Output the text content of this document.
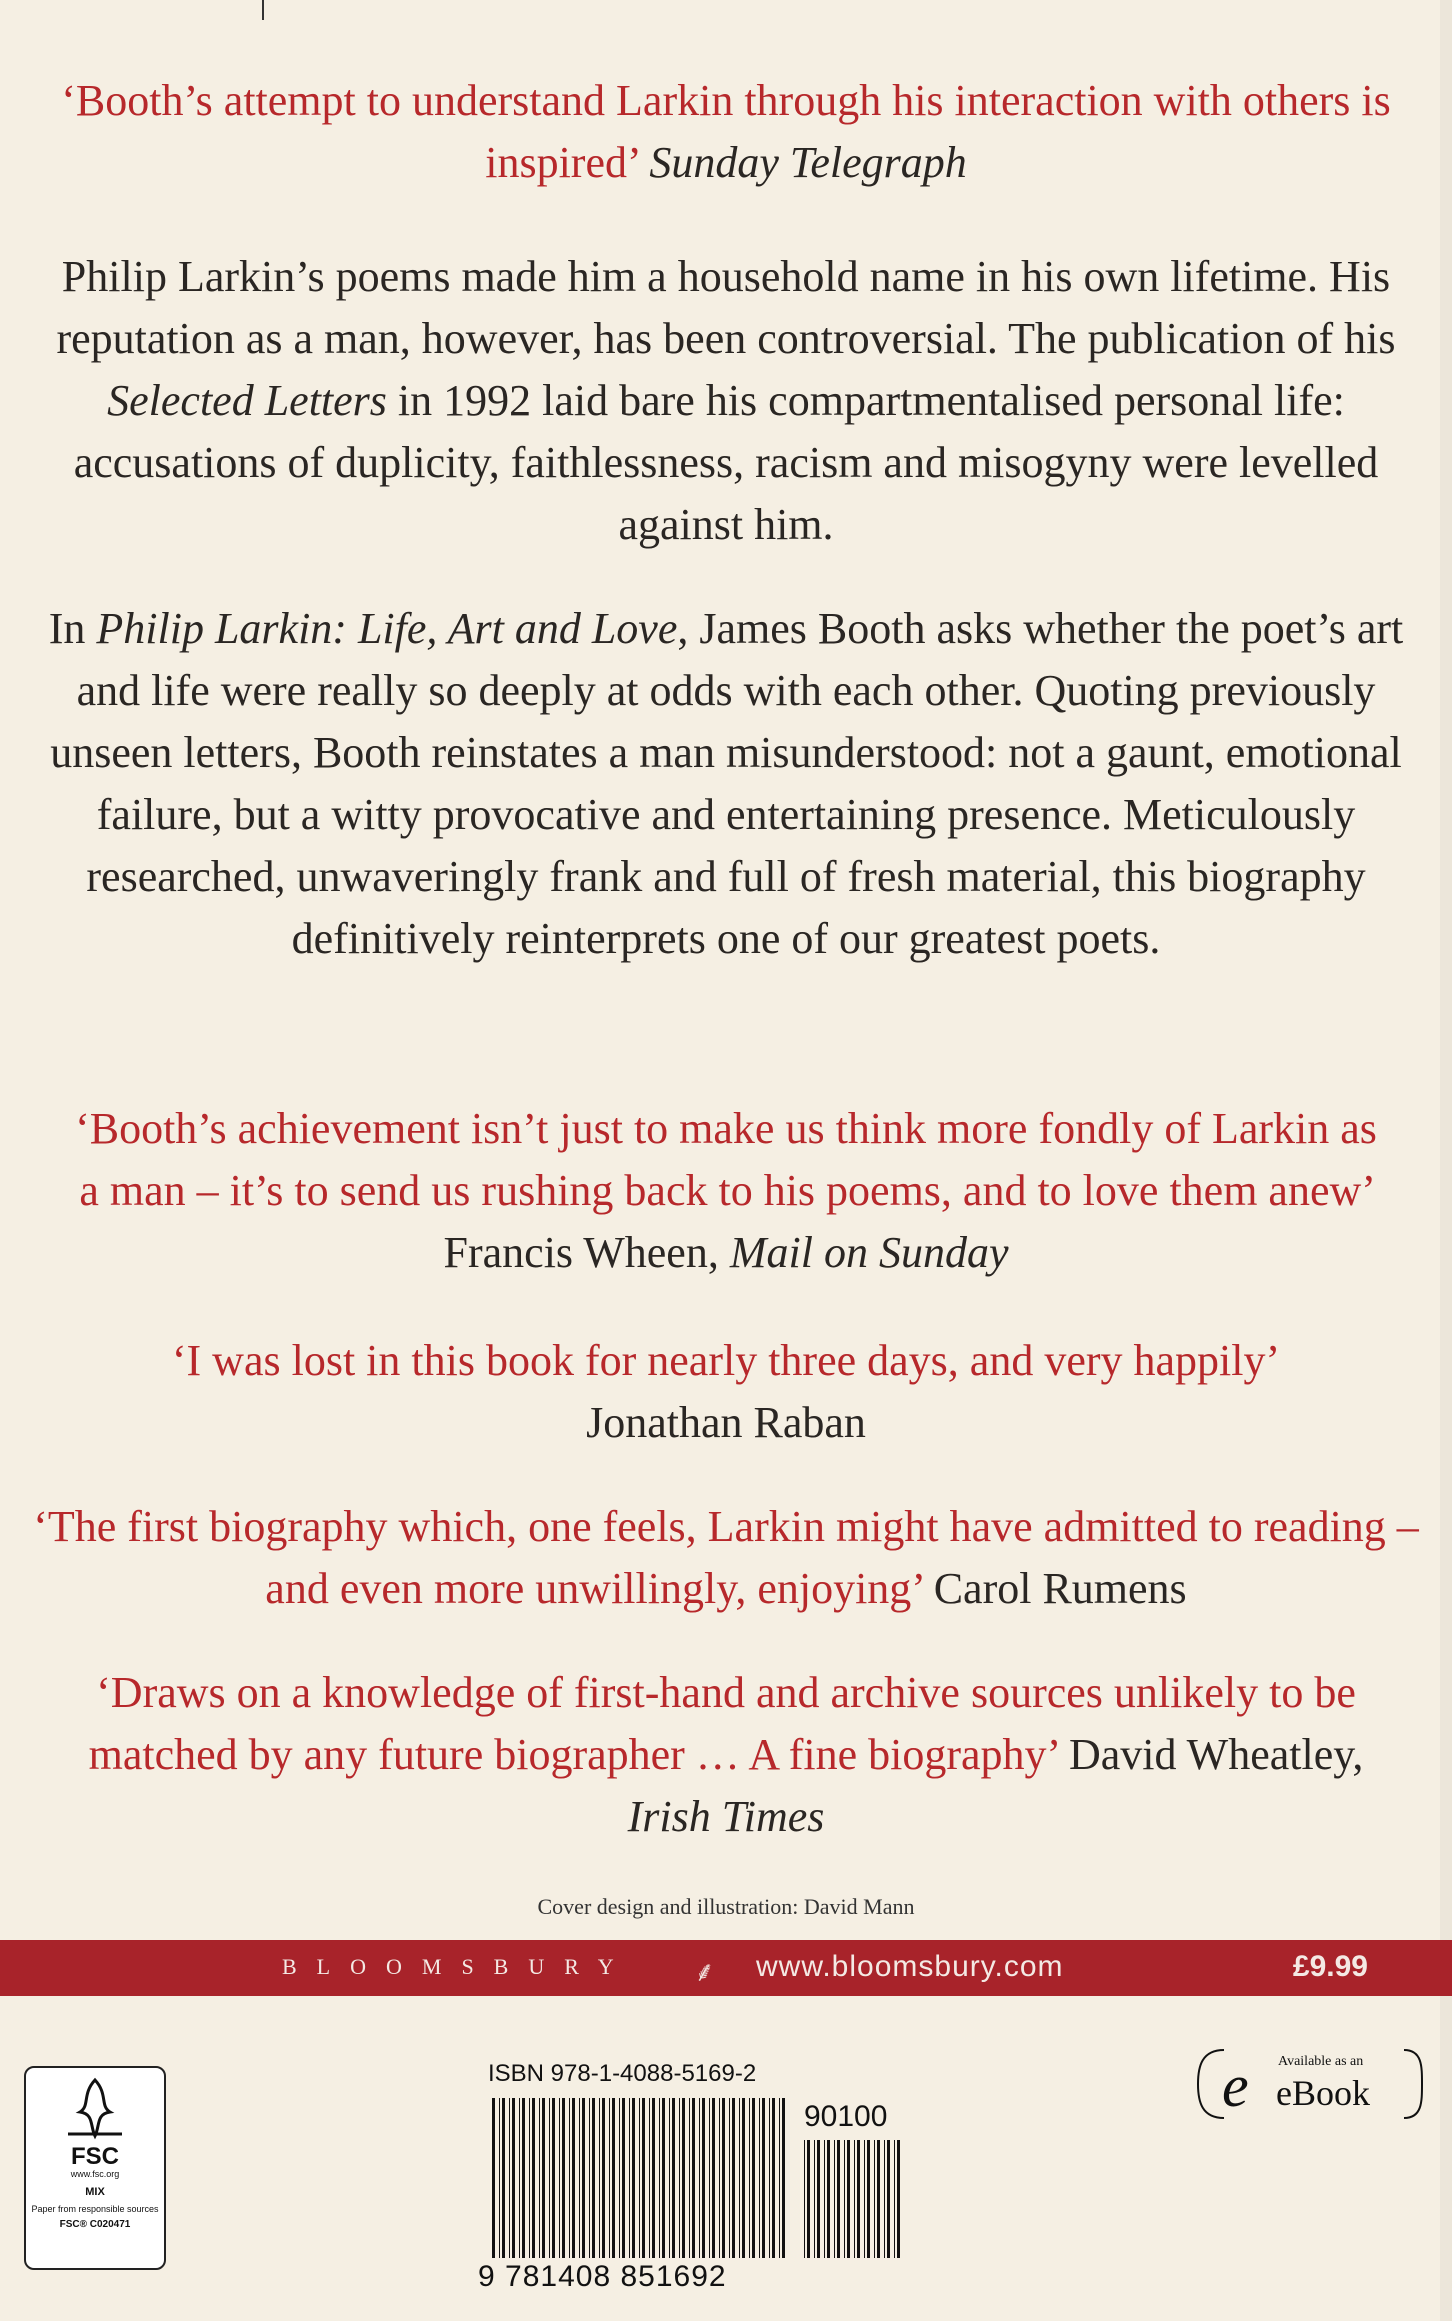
‘Booth’s attempt to understand Larkin through his interaction with others is inspired’ Sunday Telegraph
Philip Larkin’s poems made him a household name in his own lifetime. His reputation as a man, however, has been controversial. The publication of his Selected Letters in 1992 laid bare his compartmentalised personal life: accusations of duplicity, faithlessness, racism and misogyny were levelled against him.
In Philip Larkin: Life, Art and Love, James Booth asks whether the poet’s art and life were really so deeply at odds with each other. Quoting previously unseen letters, Booth reinstates a man misunderstood: not a gaunt, emotional failure, but a witty provocative and entertaining presence. Meticulously researched, unwaveringly frank and full of fresh material, this biography definitively reinterprets one of our greatest poets.
‘Booth’s achievement isn’t just to make us think more fondly of Larkin as a man – it’s to send us rushing back to his poems, and to love them anew’ Francis Wheen, Mail on Sunday
‘I was lost in this book for nearly three days, and very happily’
Jonathan Raban
‘The first biography which, one feels, Larkin might have admitted to reading – and even more unwillingly, enjoying’ Carol Rumens
‘Draws on a knowledge of first-hand and archive sources unlikely to be matched by any future biographer … A fine biography’ David Wheatley, Irish Times
Cover design and illustration: David Mann
BLOOMSBURY ⸙ www.bloomsbury.com	£9.99
FSC
www.fsc.org
MIX
Paper from responsible sources
FSC® C020471
ISBN 978-1-4088-5169-2
90100
9 781408 851692
e Available as an
eBook
